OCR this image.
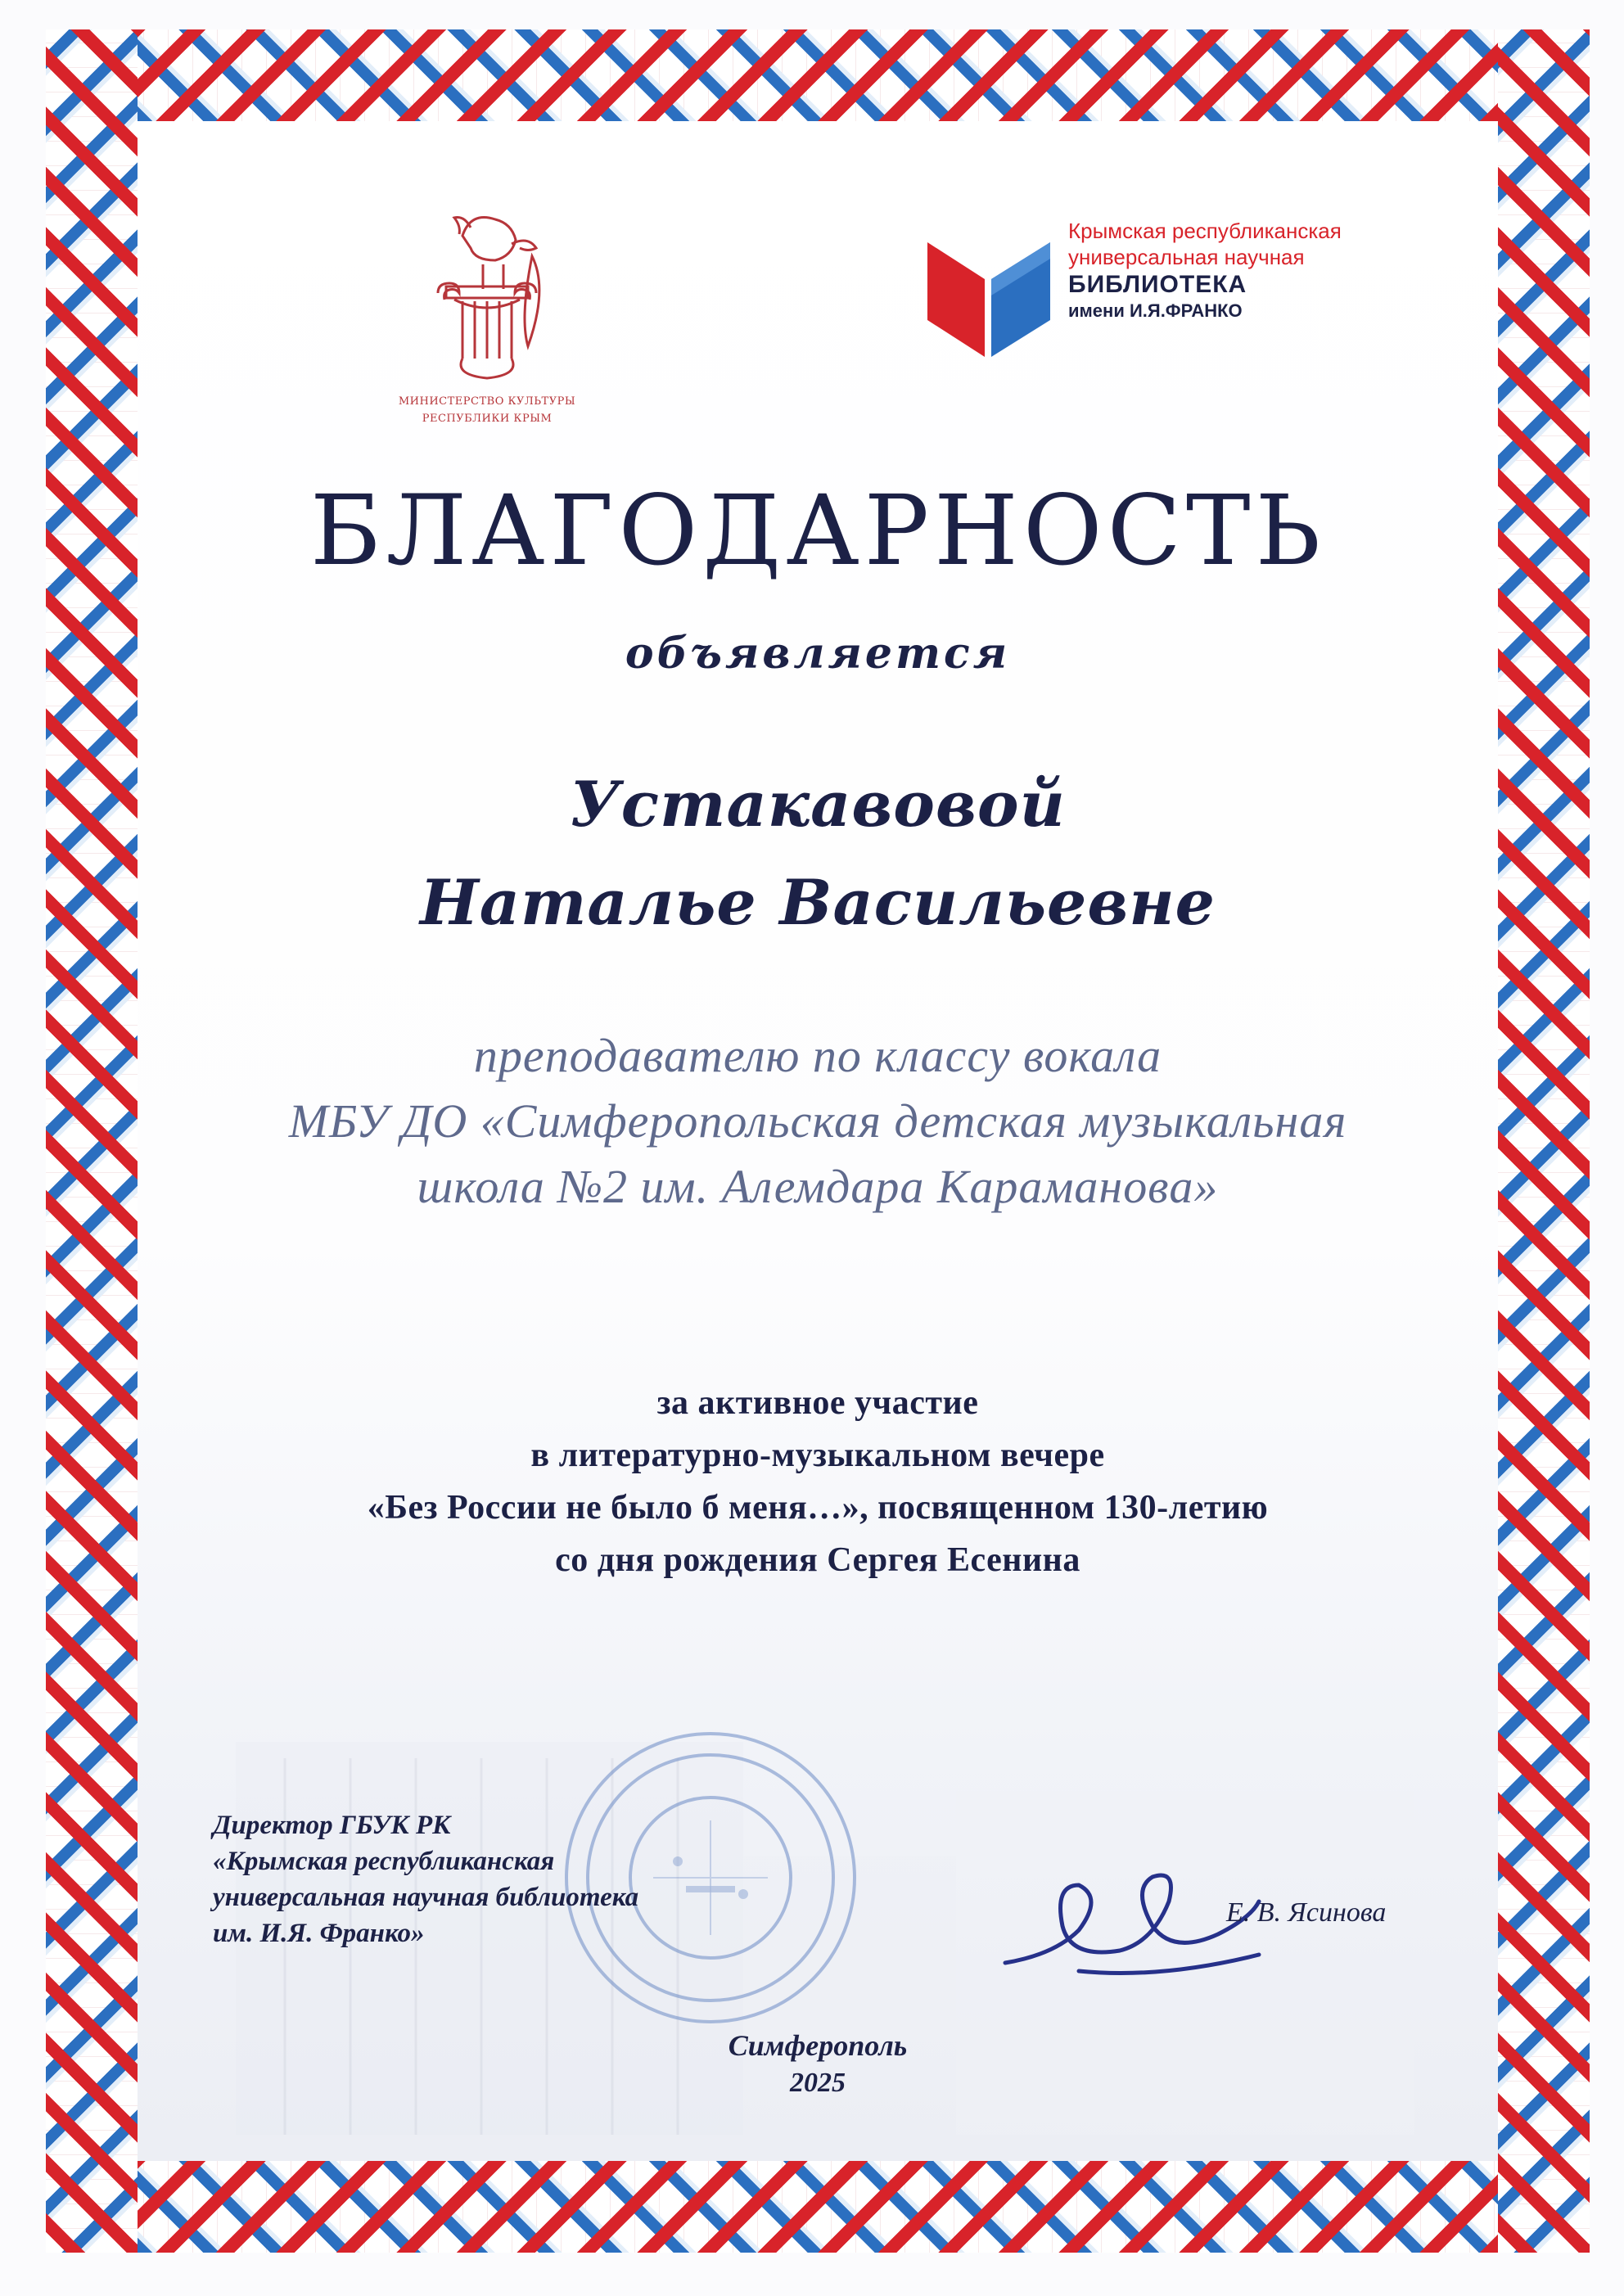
МИНИСТЕРСТВО КУЛЬТУРЫ
РЕСПУБЛИКИ КРЫМ
Крымская республиканская
универсальная научная
БИБЛИОТЕКА
имени И.Я.ФРАНКО
БЛАГОДАРНОСТЬ
объявляется
Устакавовой
Наталье Васильевне
преподавателю по классу вокала
МБУ ДО «Симферопольская детская музыкальная
школа №2 им. Алемдара Карамановa»
за активное участие
в литературно-музыкальном вечере
«Без России не было б меня…», посвященном 130-летию
со дня рождения Сергея Есенина
Директор ГБУК РК
«Крымская республиканская
универсальная научная библиотека
им. И.Я. Франко»
Е. В. Ясинова
Симферополь
2025
